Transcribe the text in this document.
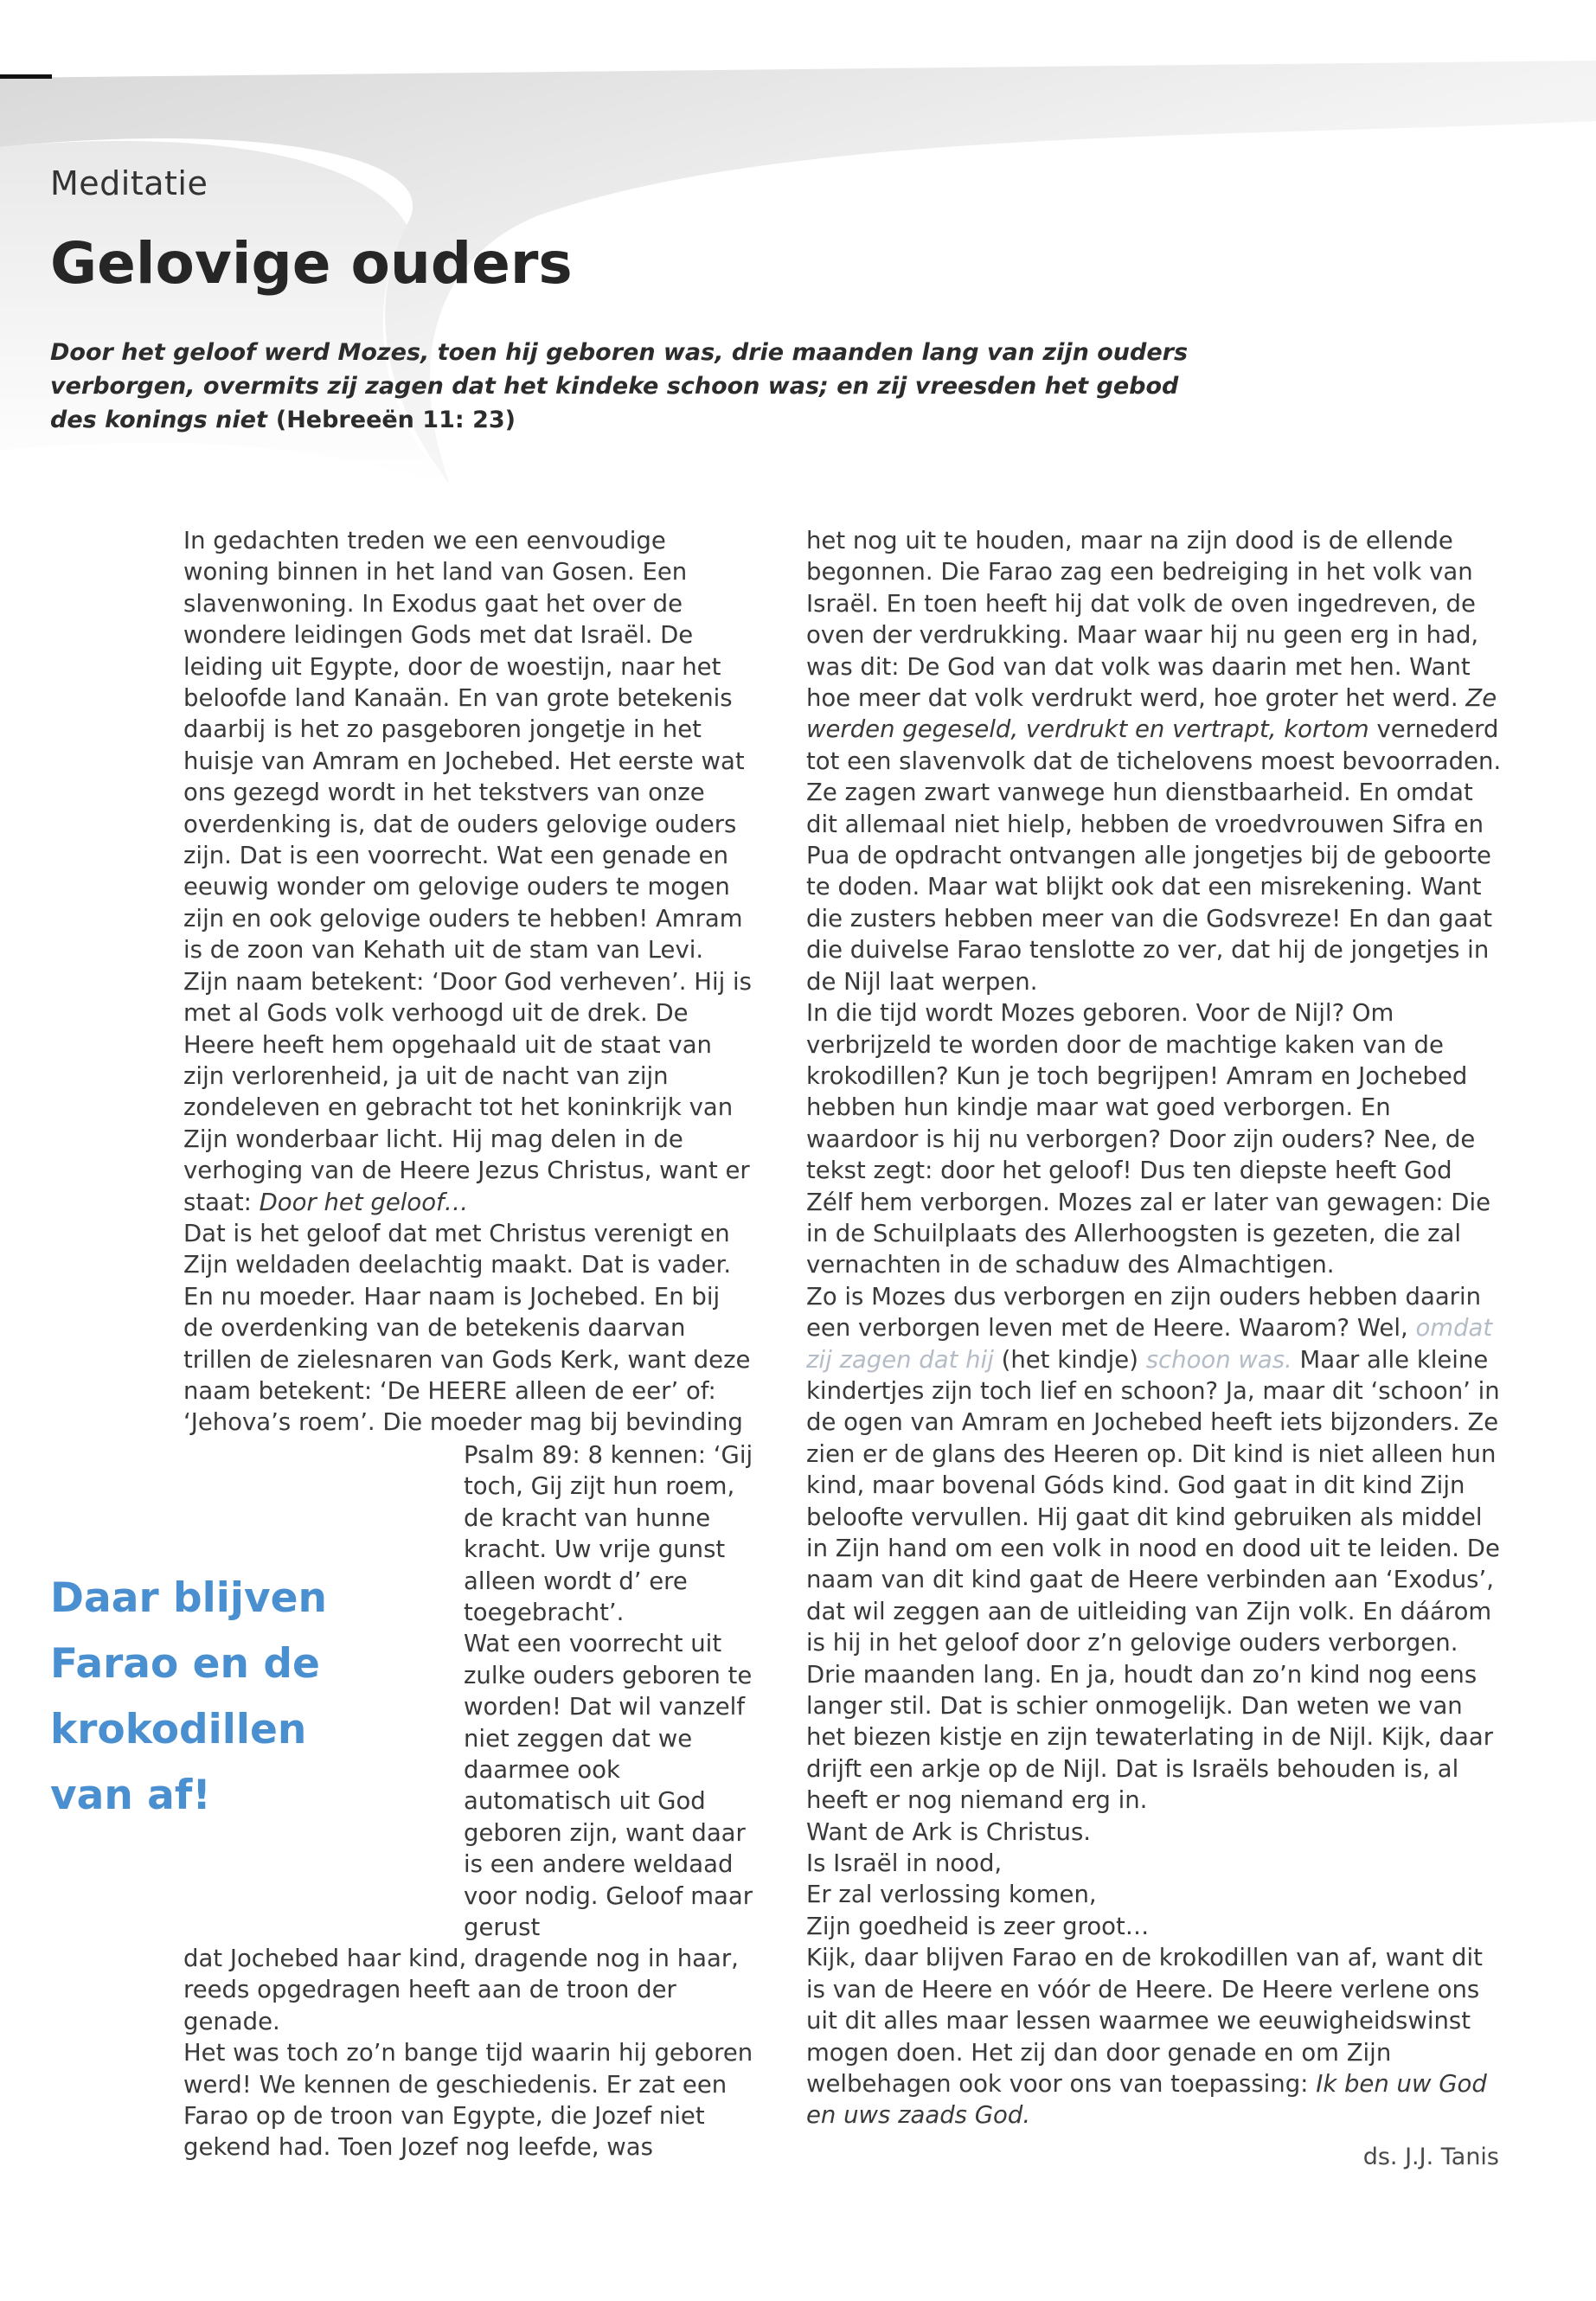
Meditatie
Gelovige ouders
Door het geloof werd Mozes, toen hij geboren was, drie maanden lang van zijn ouders verborgen, overmits zij zagen dat het kindeke schoon was; en zij vreesden het gebod des konings niet (Hebreeën 11: 23)

In gedachten treden we een eenvoudige woning binnen in het land van Gosen. Een slavenwoning. In Exodus gaat het over de wondere leidingen Gods met dat Israël. De leiding uit Egypte, door de woestijn, naar het beloofde land Kanaän. En van grote betekenis daarbij is het zo pasgeboren jongetje in het huisje van Amram en Jochebed. Het eerste wat ons gezegd wordt in het tekstvers van onze overdenking is, dat de ouders gelovige ouders zijn. Dat is een voorrecht. Wat een genade en eeuwig wonder om gelovige ouders te mogen zijn en ook gelovige ouders te hebben! Amram is de zoon van Kehath uit de stam van Levi. Zijn naam betekent: ‘Door God verheven’. Hij is met al Gods volk verhoogd uit de drek. De Heere heeft hem opgehaald uit de staat van zijn verlorenheid, ja uit de nacht van zijn zondeleven en gebracht tot het koninkrijk van Zijn wonderbaar licht. Hij mag delen in de verhoging van de Heere Jezus Christus, want er staat: Door het geloof…

Dat is het geloof dat met Christus verenigt en Zijn weldaden deelachtig maakt. Dat is vader. En nu moeder. Haar naam is Jochebed. En bij de overdenking van de betekenis daarvan trillen de zielesnaren van Gods Kerk, want deze naam betekent: ‘De HEERE alleen de eer’ of: ‘Jehova’s roem’. Die moeder mag bij bevinding

Psalm 89: 8 kennen: ‘Gij toch, Gij zijt hun roem, de kracht van hunne kracht. Uw vrije gunst alleen wordt d’ ere toegebracht’.

Wat een voorrecht uit zulke ouders geboren te worden! Dat wil vanzelf niet zeggen dat we daarmee ook automatisch uit God geboren zijn, want daar is een andere weldaad voor nodig. Geloof maar gerust

Daar blijven
Farao en de
krokodillen
van af!

dat Jochebed haar kind, dragende nog in haar, reeds opgedragen heeft aan de troon der genade.

Het was toch zo’n bange tijd waarin hij geboren werd! We kennen de geschiedenis. Er zat een Farao op de troon van Egypte, die Jozef niet gekend had. Toen Jozef nog leefde, was

het nog uit te houden, maar na zijn dood is de ellende begonnen. Die Farao zag een bedreiging in het volk van Israël. En toen heeft hij dat volk de oven ingedreven, de oven der verdrukking. Maar waar hij nu geen erg in had, was dit: De God van dat volk was daarin met hen. Want hoe meer dat volk verdrukt werd, hoe groter het werd. Ze werden gegeseld, verdrukt en vertrapt, kortom vernederd tot een slavenvolk dat de tichelovens moest bevoorraden. Ze zagen zwart vanwege hun dienstbaarheid. En omdat dit allemaal niet hielp, hebben de vroedvrouwen Sifra en Pua de opdracht ontvangen alle jongetjes bij de geboorte te doden. Maar wat blijkt ook dat een misrekening. Want die zusters hebben meer van die Godsvreze! En dan gaat die duivelse Farao tenslotte zo ver, dat hij de jongetjes in de Nijl laat werpen.

In die tijd wordt Mozes geboren. Voor de Nijl? Om verbrijzeld te worden door de machtige kaken van de krokodillen? Kun je toch begrijpen! Amram en Jochebed hebben hun kindje maar wat goed verborgen. En waardoor is hij nu verborgen? Door zijn ouders? Nee, de tekst zegt: door het geloof! Dus ten diepste heeft God Zélf hem verborgen. Mozes zal er later van gewagen: Die in de Schuilplaats des Allerhoogsten is gezeten, die zal vernachten in de schaduw des Almachtigen.

Zo is Mozes dus verborgen en zijn ouders hebben daarin een verborgen leven met de Heere. Waarom? Wel, omdat zij zagen dat hij (het kindje) schoon was. Maar alle kleine kindertjes zijn toch lief en schoon? Ja, maar dit ‘schoon’ in de ogen van Amram en Jochebed heeft iets bijzonders. Ze zien er de glans des Heeren op. Dit kind is niet alleen hun kind, maar bovenal Góds kind. God gaat in dit kind Zijn beloofte vervullen. Hij gaat dit kind gebruiken als middel in Zijn hand om een volk in nood en dood uit te leiden. De naam van dit kind gaat de Heere verbinden aan ‘Exodus’, dat wil zeggen aan de uitleiding van Zijn volk. En dáárom is hij in het geloof door z’n gelovige ouders verborgen. Drie maanden lang. En ja, houdt dan zo’n kind nog eens langer stil. Dat is schier onmogelijk. Dan weten we van het biezen kistje en zijn tewaterlating in de Nijl. Kijk, daar drijft een arkje op de Nijl. Dat is Israëls behouden is, al heeft er nog niemand erg in.

Want de Ark is Christus.

Is Israël in nood,

Er zal verlossing komen,

Zijn goedheid is zeer groot…

Kijk, daar blijven Farao en de krokodillen van af, want dit is van de Heere en vóór de Heere. De Heere verlene ons uit dit alles maar lessen waarmee we eeuwigheidswinst mogen doen. Het zij dan door genade en om Zijn welbehagen ook voor ons van toepassing: Ik ben uw God en uws zaads God.

ds. J.J. Tanis
